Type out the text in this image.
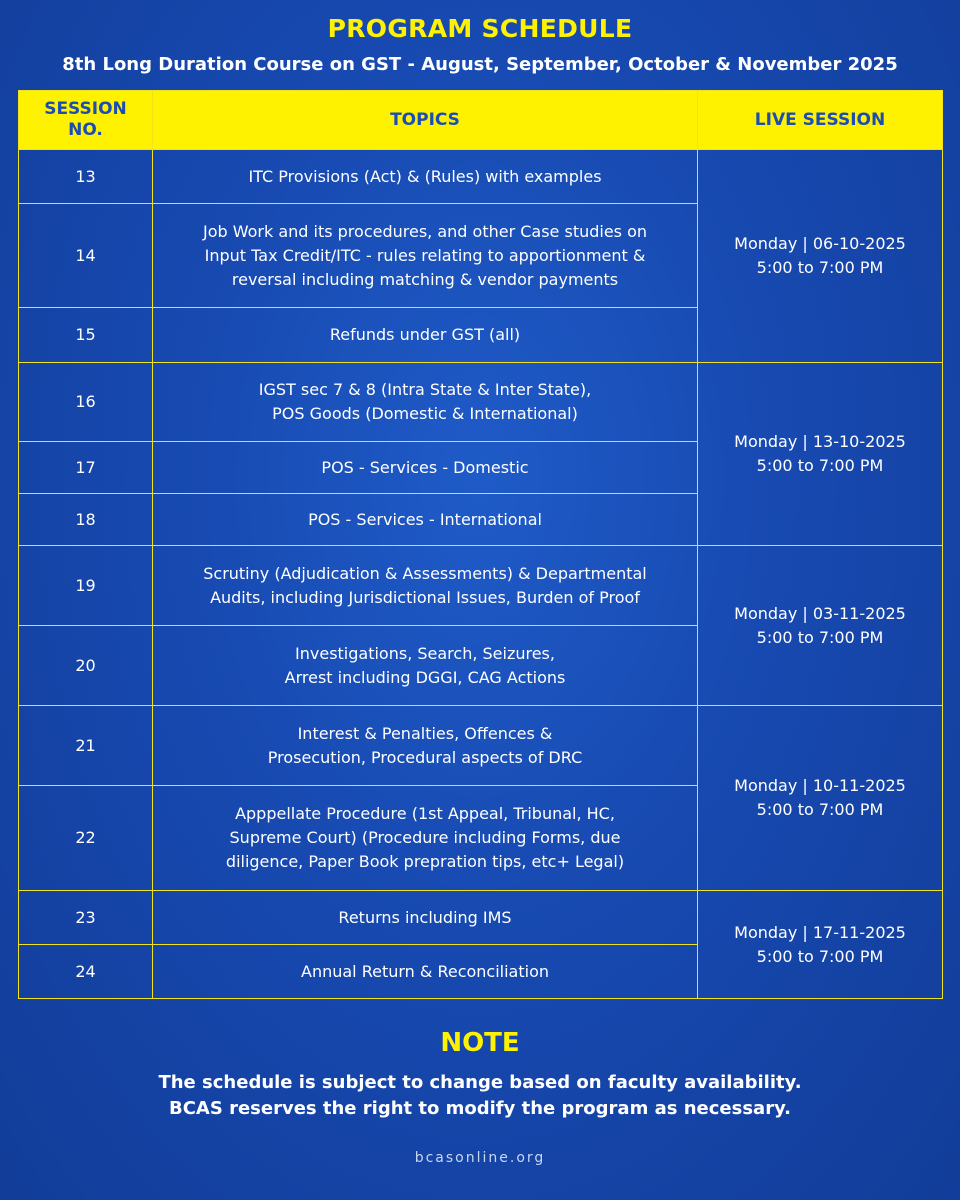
PROGRAM SCHEDULE
8th Long Duration Course on GST - August, September, October & November 2025
SESSION
NO.	TOPICS	LIVE SESSION
13	ITC Provisions (Act) & (Rules) with examples	Monday | 06-10-2025
5:00 to 7:00 PM
14	Job Work and its procedures, and other Case studies on
Input Tax Credit/ITC - rules relating to apportionment &
reversal including matching & vendor payments	
15	Refunds under GST (all)	
16	IGST sec 7 & 8 (Intra State & Inter State),
POS Goods (Domestic & International)	Monday | 13-10-2025
5:00 to 7:00 PM
17	POS - Services - Domestic	
18	POS - Services - International	
19	Scrutiny (Adjudication & Assessments) & Departmental
Audits, including Jurisdictional Issues, Burden of Proof	Monday | 03-11-2025
5:00 to 7:00 PM
20	Investigations, Search, Seizures,
Arrest including DGGI, CAG Actions	
21	Interest & Penalties, Offences &
Prosecution, Procedural aspects of DRC	Monday | 10-11-2025
5:00 to 7:00 PM
22	Apppellate Procedure (1st Appeal, Tribunal, HC,
Supreme Court) (Procedure including Forms, due
diligence, Paper Book prepration tips, etc+ Legal)	
23	Returns including IMS	Monday | 17-11-2025
5:00 to 7:00 PM
24	Annual Return & Reconciliation	
NOTE
The schedule is subject to change based on faculty availability.
BCAS reserves the right to modify the program as necessary.
bcasonline.org
